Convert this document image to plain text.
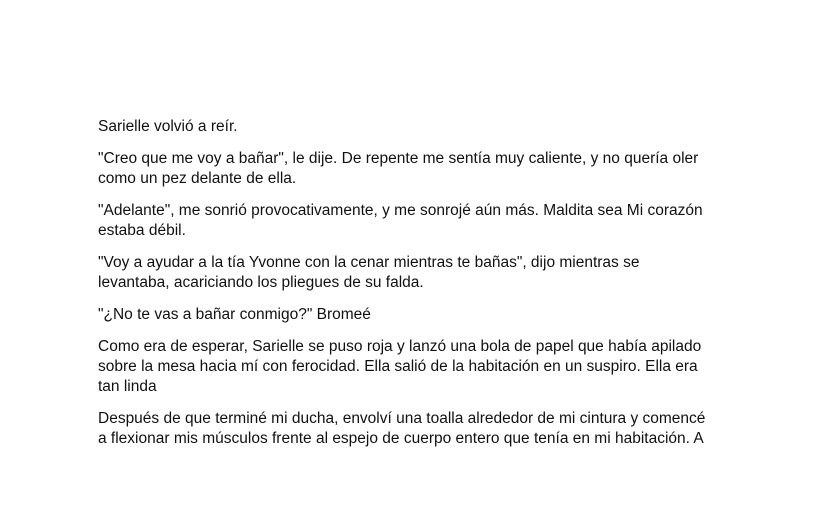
Sarielle volvió a reír.

"Creo que me voy a bañar", le dije. De repente me sentía muy caliente, y no quería oler
como un pez delante de ella.

"Adelante", me sonrió provocativamente, y me sonrojé aún más. Maldita sea Mi corazón
estaba débil.

"Voy a ayudar a la tía Yvonne con la cenar mientras te bañas", dijo mientras se
levantaba, acariciando los pliegues de su falda.

"¿No te vas a bañar conmigo?" Bromeé

Como era de esperar, Sarielle se puso roja y lanzó una bola de papel que había apilado
sobre la mesa hacia mí con ferocidad. Ella salió de la habitación en un suspiro. Ella era
tan linda

Después de que terminé mi ducha, envolví una toalla alrededor de mi cintura y comencé
a flexionar mis músculos frente al espejo de cuerpo entero que tenía en mi habitación. A
